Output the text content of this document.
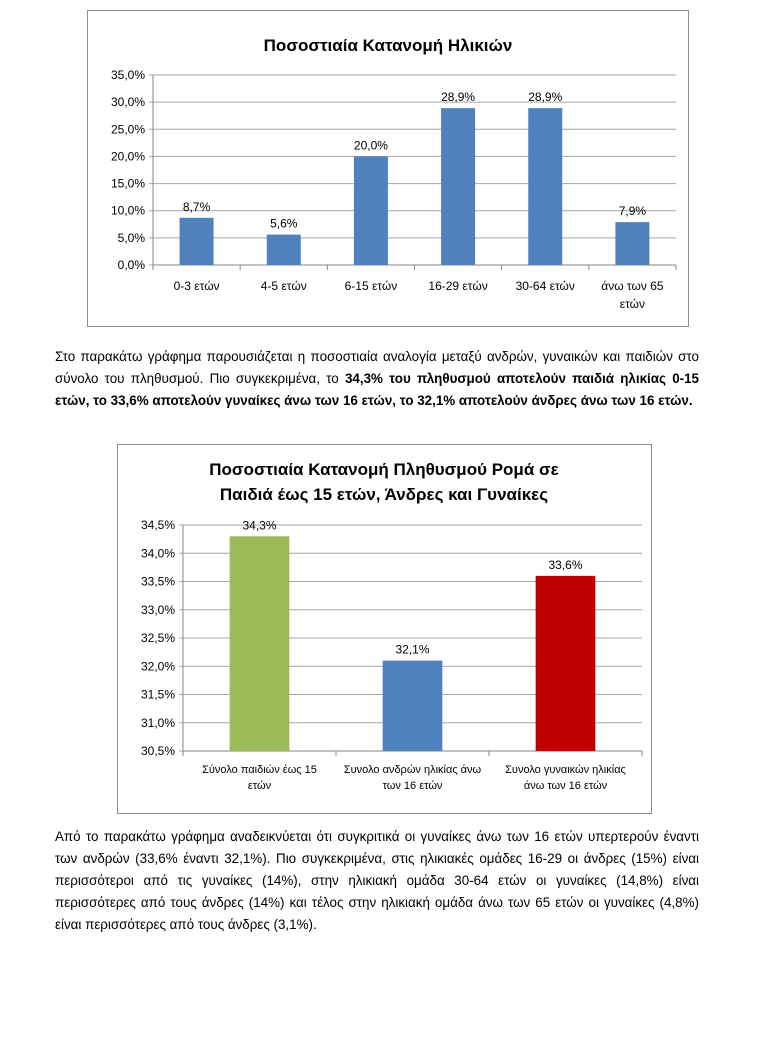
Ποσοστιαία Κατανομή Ηλικιών
35,0%
30,0%
25,0%
20,0%
15,0%
10,0%
5,0%
0,0%
8,7%
0-3 ετών
5,6%
4-5 ετών
20,0%
6-15 ετών
28,9%
16-29 ετών
28,9%
30-64 ετών
7,9%
άνω των 65
ετών

Στο παρακάτω γράφημα παρουσιάζεται η ποσοστιαία αναλογία μεταξύ ανδρών, γυναικών και παιδιών στο σύνολο του πληθυσμού. Πιο συγκεκριμένα, το 34,3% του πληθυσμού αποτελούν παιδιά ηλικίας 0-15 ετών, το 33,6% αποτελούν γυναίκες άνω των 16 ετών, το 32,1% αποτελούν άνδρες άνω των 16 ετών.

Ποσοστιαία Κατανομή Πληθυσμού Ρομά σε
Παιδιά έως 15 ετών, Άνδρες και Γυναίκες
34,5%
34,0%
33,5%
33,0%
32,5%
32,0%
31,5%
31,0%
30,5%
34,3%
Σύνολο παιδιών έως 15
ετών
32,1%
Συνολο ανδρών ηλικίας άνω
των 16 ετών
33,6%
Συνολο γυναικών ηλικίας
άνω των 16 ετών

Από το παρακάτω γράφημα αναδεικνύεται ότι συγκριτικά οι γυναίκες άνω των 16 ετών υπερτερούν έναντι των ανδρών (33,6% έναντι 32,1%). Πιο συγκεκριμένα, στις ηλικιακές ομάδες 16-29 οι άνδρες (15%) είναι περισσότεροι από τις γυναίκες (14%), στην ηλικιακή ομάδα 30-64 ετών οι γυναίκες (14,8%) είναι περισσότερες από τους άνδρες (14%) και τέλος στην ηλικιακή ομάδα άνω των 65 ετών οι γυναίκες (4,8%) είναι περισσότερες από τους άνδρες (3,1%).
